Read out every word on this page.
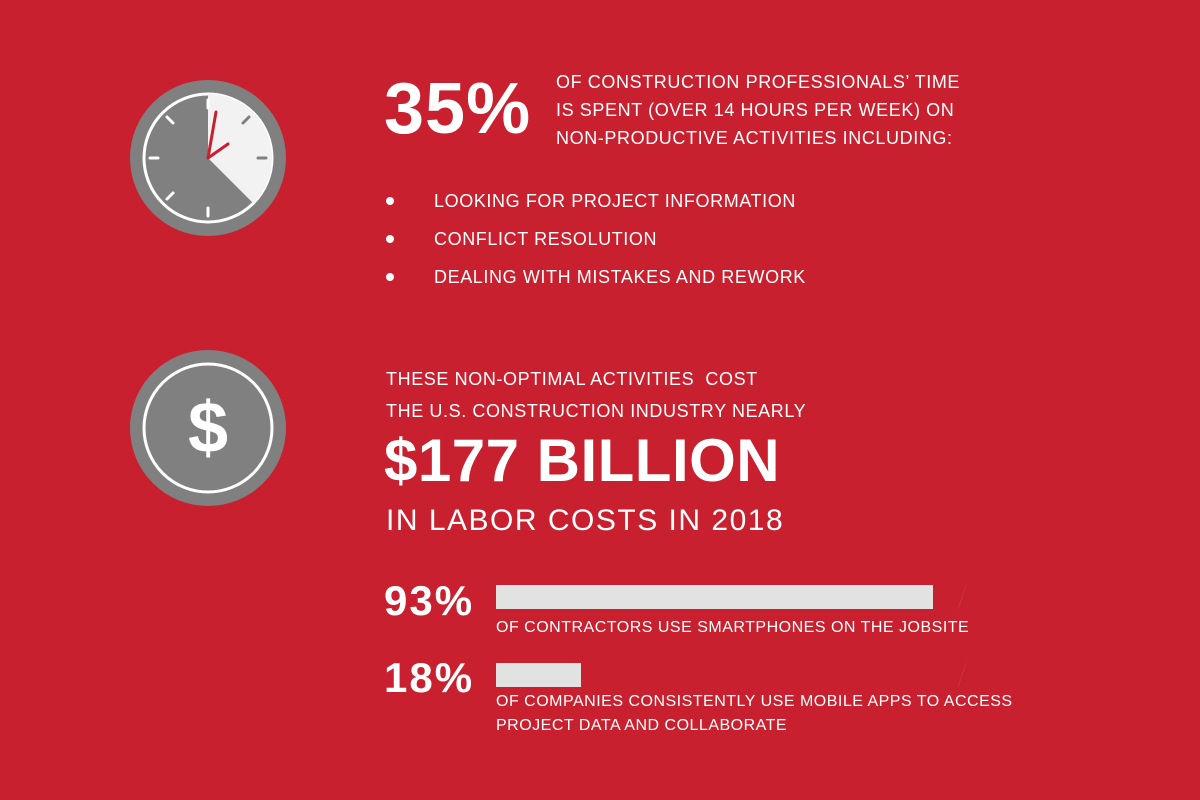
35% OF CONSTRUCTION PROFESSIONALS’ TIME
IS SPENT (OVER 14 HOURS PER WEEK) ON
NON-PRODUCTIVE ACTIVITIES INCLUDING:
LOOKING FOR PROJECT INFORMATION
CONFLICT RESOLUTION
DEALING WITH MISTAKES AND REWORK
$
THESE NON-OPTIMAL ACTIVITIES  COST
THE U.S. CONSTRUCTION INDUSTRY NEARLY
$177 BILLION
IN LABOR COSTS IN 2018
93%
OF CONTRACTORS USE SMARTPHONES ON THE JOBSITE
18%
OF COMPANIES CONSISTENTLY USE MOBILE APPS TO ACCESS
PROJECT DATA AND COLLABORATE
